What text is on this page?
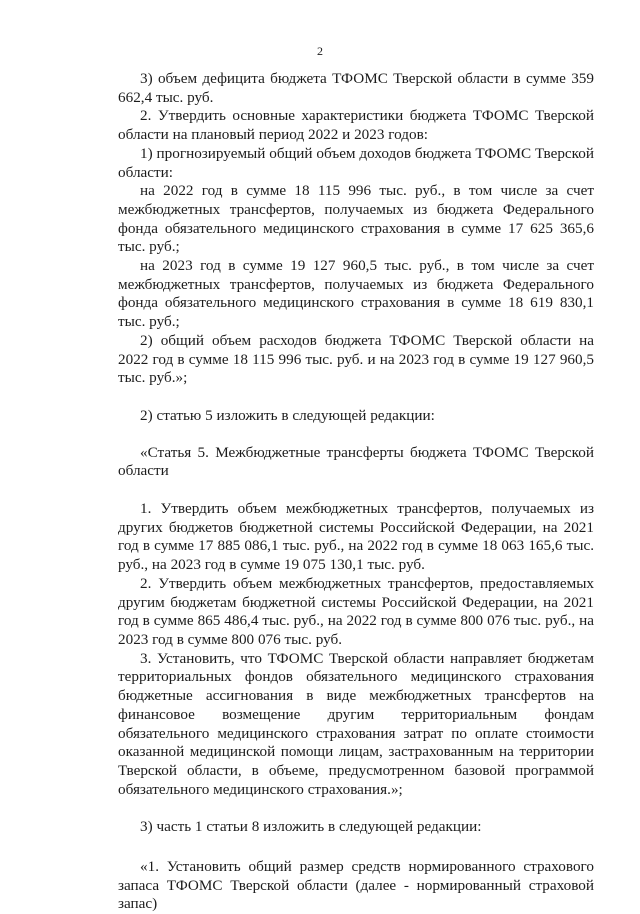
2

3) объем дефицита бюджета ТФОМС Тверской области в сумме 359 662,4 тыс. руб.

2. Утвердить основные характеристики бюджета ТФОМС Тверской области на плановый период 2022 и 2023 годов:

1) прогнозируемый общий объем доходов бюджета ТФОМС Тверской области:

на 2022 год в сумме 18 115 996 тыс. руб., в том числе за счет межбюджетных трансфертов, получаемых из бюджета Федерального фонда обязательного медицинского страхования в сумме 17 625 365,6 тыс. руб.;

на 2023 год в сумме 19 127 960,5 тыс. руб., в том числе за счет межбюджетных трансфертов, получаемых из бюджета Федерального фонда обязательного медицинского страхования в сумме 18 619 830,1 тыс. руб.;

2) общий объем расходов бюджета ТФОМС Тверской области на 2022 год в сумме 18 115 996 тыс. руб. и на 2023 год в сумме 19 127 960,5 тыс. руб.»;

2) статью 5 изложить в следующей редакции:

«Статья 5. Межбюджетные трансферты бюджета ТФОМС Тверской области

1. Утвердить объем межбюджетных трансфертов, получаемых из других бюджетов бюджетной системы Российской Федерации, на 2021 год в сумме 17 885 086,1 тыс. руб., на 2022 год в сумме 18 063 165,6 тыс. руб., на 2023 год в сумме 19 075 130,1 тыс. руб.

2. Утвердить объем межбюджетных трансфертов, предоставляемых другим бюджетам бюджетной системы Российской Федерации, на 2021 год в сумме 865 486,4 тыс. руб., на 2022 год в сумме 800 076 тыс. руб., на 2023 год в сумме 800 076 тыс. руб.

3. Установить, что ТФОМС Тверской области направляет бюджетам территориальных фондов обязательного медицинского страхования бюджетные ассигнования в виде межбюджетных трансфертов на финансовое возмещение другим территориальным фондам обязательного медицинского страхования затрат по оплате стоимости оказанной медицинской помощи лицам, застрахованным на территории Тверской области, в объеме, предусмотренном базовой программой обязательного медицинского страхования.»;

3) часть 1 статьи 8 изложить в следующей редакции:

«1. Установить общий размер средств нормированного страхового запаса ТФОМС Тверской области (далее - нормированный страховой запас)
